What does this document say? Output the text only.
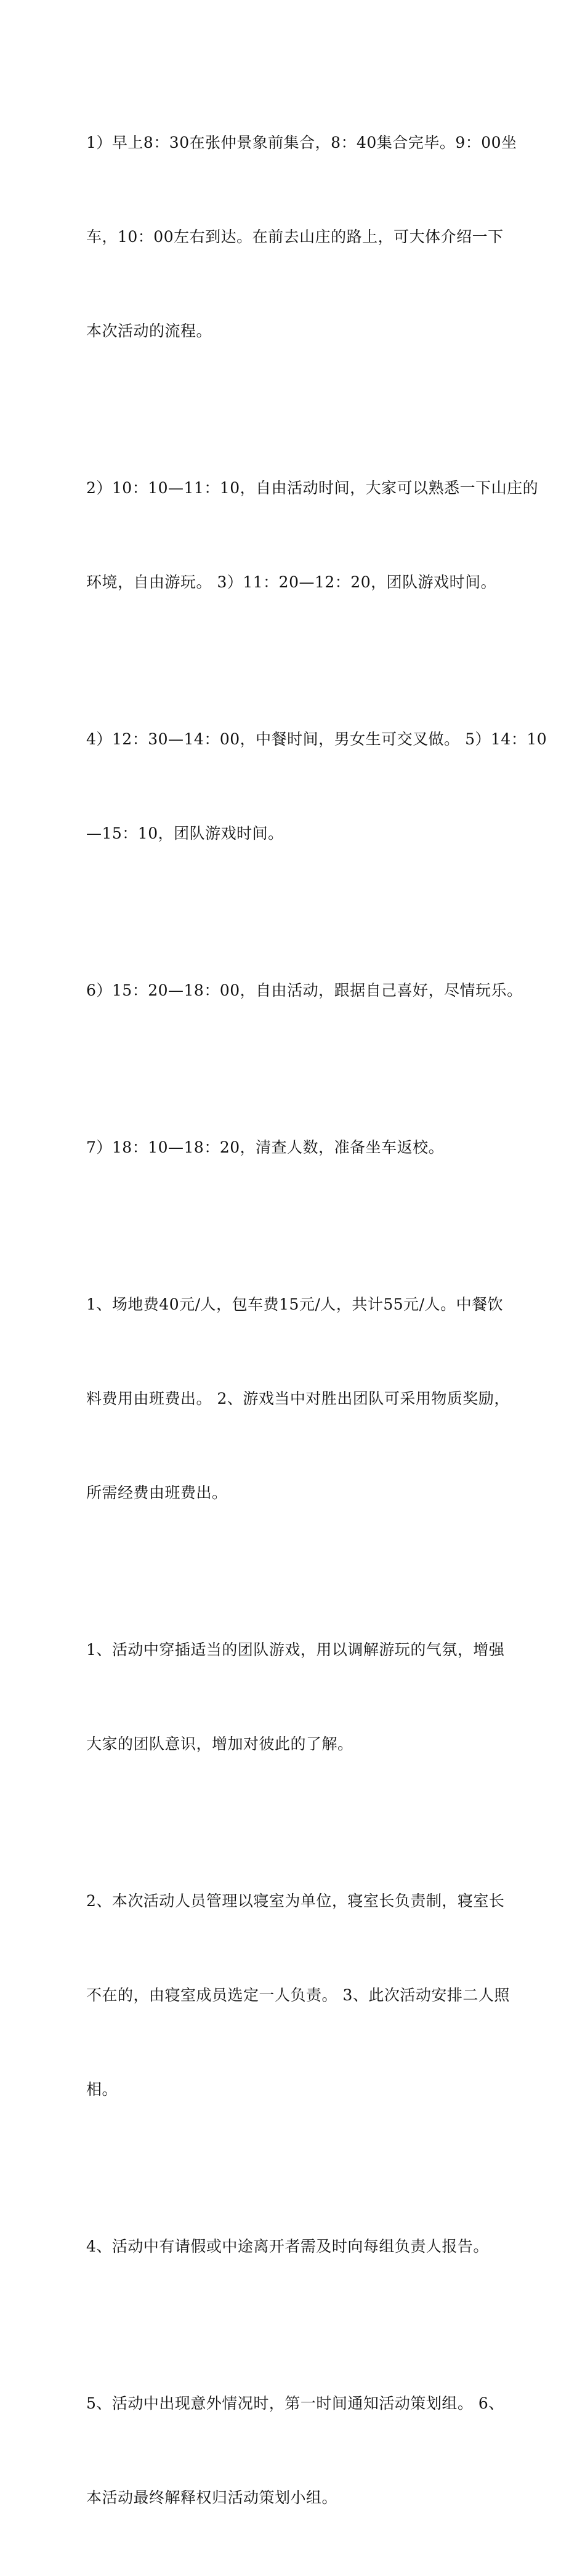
1）早上8：30在张仲景象前集合，8：40集合完毕。9：00坐

车，10：00左右到达。在前去山庄的路上，可大体介绍一下

本次活动的流程。

2）10：10—11：10，自由活动时间，大家可以熟悉一下山庄的

环境，自由游玩。 3）11：20—12：20，团队游戏时间。

4）12：30—14：00，中餐时间，男女生可交叉做。 5）14：10

—15：10，团队游戏时间。

6）15：20—18：00，自由活动，跟据自己喜好，尽情玩乐。

7）18：10—18：20，清查人数，准备坐车返校。

1、场地费40元/人，包车费15元/人，共计55元/人。中餐饮

料费用由班费出。 2、游戏当中对胜出团队可采用物质奖励，

所需经费由班费出。

1、活动中穿插适当的团队游戏，用以调解游玩的气氛，增强

大家的团队意识，增加对彼此的了解。

2、本次活动人员管理以寝室为单位，寝室长负责制，寝室长

不在的，由寝室成员选定一人负责。 3、此次活动安排二人照

相。

4、活动中有请假或中途离开者需及时向每组负责人报告。

5、活动中出现意外情况时，第一时间通知活动策划组。 6、

本活动最终解释权归活动策划小组。
